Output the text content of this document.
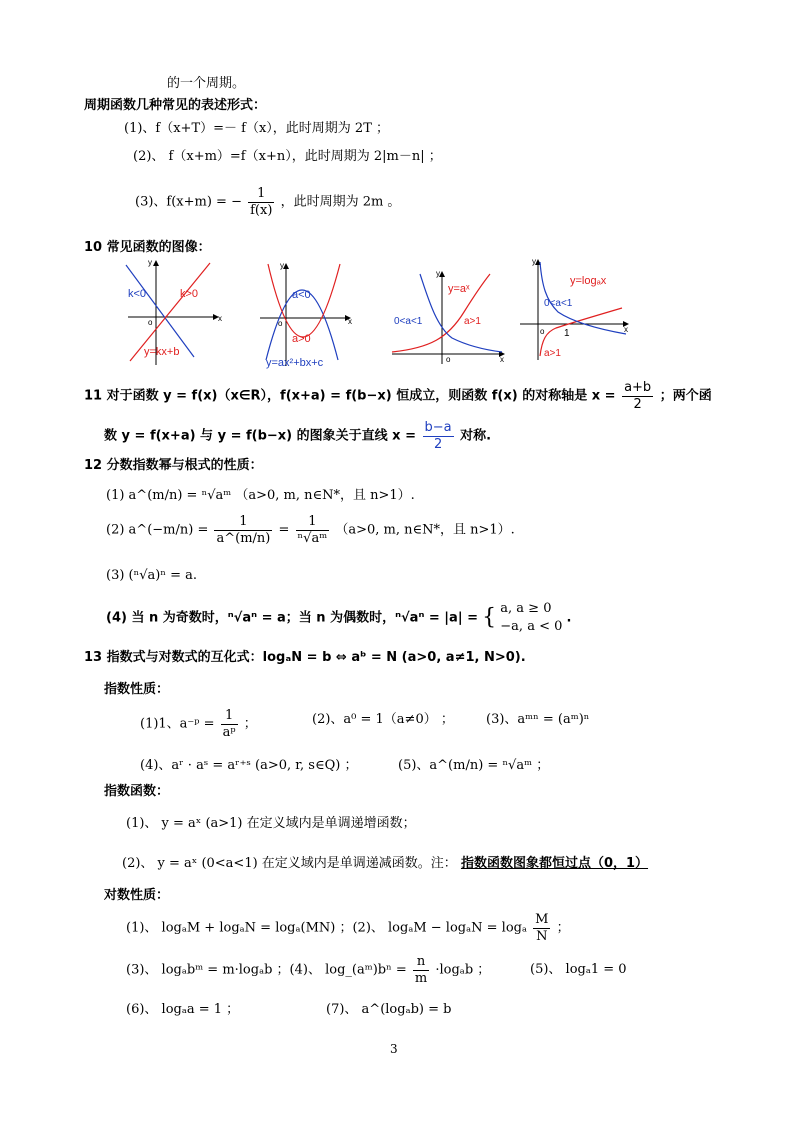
的一个周期。
周期函数几种常见的表述形式：
(1)、f（x+T）=－ f（x），此时周期为 2T ；
(2)、 f（x+m）=f（x+n），此时周期为 2|m－n| ；
(3)、f(x+m) = − $\frac{1}{f(x)}$ ，此时周期为 2m 。
10 常见函数的图像：
k<0	k>0
y=kx+b
x
y
o
a<0
a>0
y=ax²+bx+c
x
y
o
y=aˣ
0<a<1	a>1
o	x
y
y=logₐx
0<a<1
a>1
1
o	x
y
11 对于函数 y = f(x)（x∈R），f(x+a) = f(b−x) 恒成立，则函数 f(x) 的对称轴是 $x = \frac{a+b}{2}$ ；两个函
数 y = f(x+a) 与 y = f(b−x) 的图象关于直线 $x = \frac{b-a}{2}$ 对称.
12 分数指数幂与根式的性质：
(1) a^(m/n) = ⁿ√aᵐ （a>0, m, n∈N*，且 n>1）.
(2) a^(−m/n) = $\frac{1}{a\^{}(m/n)} = \frac{1}{\text{ⁿ√aᵐ}} (a>0$, m, n∈N*，且 n>1）.
(3) (ⁿ√a)ⁿ = a.
(4) 当 n 为奇数时，ⁿ√aⁿ = a；当 n 为偶数时，ⁿ√aⁿ = |a| = { a, a ≥ 0
−a, a < 0
.
13 指数式与对数式的互化式：logₐN = b ⇔ aᵇ = N (a>0, a≠1, N>0).
指数性质：
(1)1、a⁻ᵖ = $\frac{1}{\text{aᵖ}}$ ；	(2)、a⁰ = 1（a≠0） ； (3)、aᵐⁿ = (aᵐ)ⁿ
(4)、aʳ · aˢ = aʳ⁺ˢ (a>0, r, s∈Q) ；	(5)、a^(m/n) = ⁿ√aᵐ ；
指数函数：
(1)、 y = aˣ (a>1) 在定义域内是单调递增函数；
(2)、 y = aˣ (0<a<1) 在定义域内是单调递减函数。注： 指数函数图象都恒过点（0，1）
对数性质：
(1)、 logₐM + logₐN = logₐ(MN) ；(2)、 logₐM − logₐN = logₐ $\frac{M}{N}$ ；
(3)、 logₐbᵐ = m·logₐb ；(4)、 log_(aᵐ)bⁿ = $\frac{n}{m} \cdot\log_ab$ ；	(5)、 logₐ1 = 0
(6)、 logₐa = 1 ；	(7)、 a^(logₐb) = b
3
